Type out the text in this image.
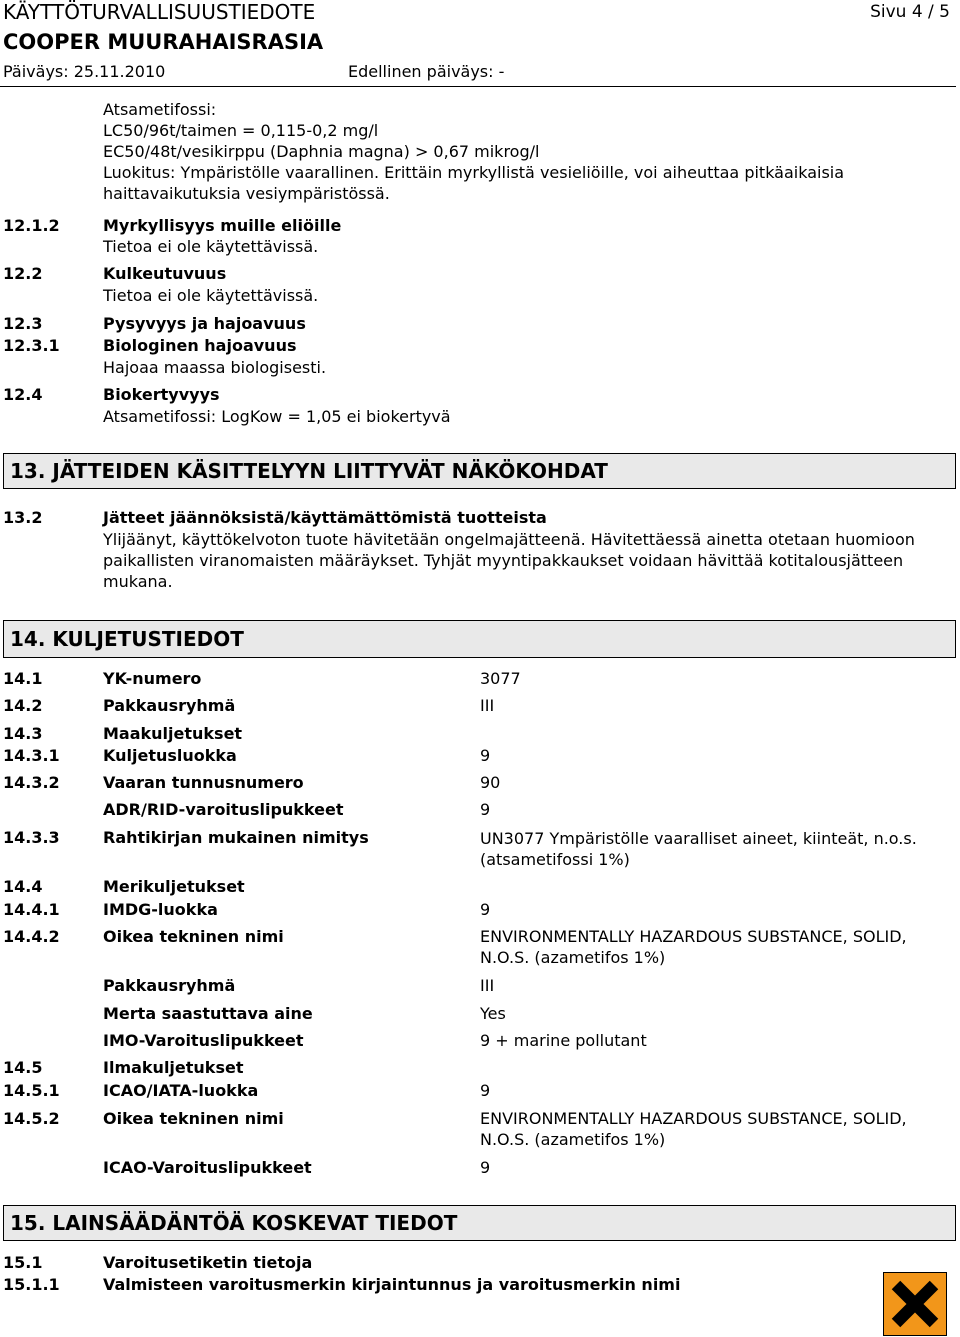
KÄYTTÖTURVALLISUUSTIEDOTE	Sivu 4 / 5
COOPER MUURAHAISRASIA
Päiväys: 25.11.2010	Edellinen päiväys: -
Atsametifossi:
LC50/96t/taimen = 0,115-0,2 mg/l
EC50/48t/vesikirppu (Daphnia magna) > 0,67 mikrog/l
Luokitus: Ympäristölle vaarallinen. Erittäin myrkyllistä vesieliöille, voi aiheuttaa pitkäaikaisia
haittavaikutuksia vesiympäristössä.
12.1.2	Myrkyllisyys muille eliöille
Tietoa ei ole käytettävissä.
12.2	Kulkeutuvuus
Tietoa ei ole käytettävissä.
12.3	Pysyvyys ja hajoavuus
12.3.1	Biologinen hajoavuus
Hajoaa maassa biologisesti.
12.4	Biokertyvyys
Atsametifossi: LogKow = 1,05 ei biokertyvä
13. JÄTTEIDEN KÄSITTELYYN LIITTYVÄT NÄKÖKOHDAT
13.2	Jätteet jäännöksistä/käyttämättömistä tuotteista
Ylijäänyt, käyttökelvoton tuote hävitetään ongelmajätteenä. Hävitettäessä ainetta otetaan huomioon
paikallisten viranomaisten määräykset. Tyhjät myyntipakkaukset voidaan hävittää kotitalousjätteen
mukana.
14. KULJETUSTIEDOT
14.1	YK-numero	3077
14.2	Pakkausryhmä	III
14.3	Maakuljetukset
14.3.1	Kuljetusluokka	9
14.3.2	Vaaran tunnusnumero	90
ADR/RID-varoituslipukkeet	9
14.3.3	Rahtikirjan mukainen nimitys	UN3077 Ympäristölle vaaralliset aineet, kiinteät, n.o.s.
(atsametifossi 1%)
14.4	Merikuljetukset
14.4.1	IMDG-luokka	9
14.4.2	Oikea tekninen nimi	ENVIRONMENTALLY HAZARDOUS SUBSTANCE, SOLID,
N.O.S. (azametifos 1%)
Pakkausryhmä	III
Merta saastuttava aine	Yes
IMO-Varoituslipukkeet	9 + marine pollutant
14.5	Ilmakuljetukset
14.5.1	ICAO/IATA-luokka	9
14.5.2	Oikea tekninen nimi	ENVIRONMENTALLY HAZARDOUS SUBSTANCE, SOLID,
N.O.S. (azametifos 1%)
ICAO-Varoituslipukkeet	9
15. LAINSÄÄDÄNTÖÄ KOSKEVAT TIEDOT
15.1	Varoitusetiketin tietoja
15.1.1	Valmisteen varoitusmerkin kirjaintunnus ja varoitusmerkin nimi
